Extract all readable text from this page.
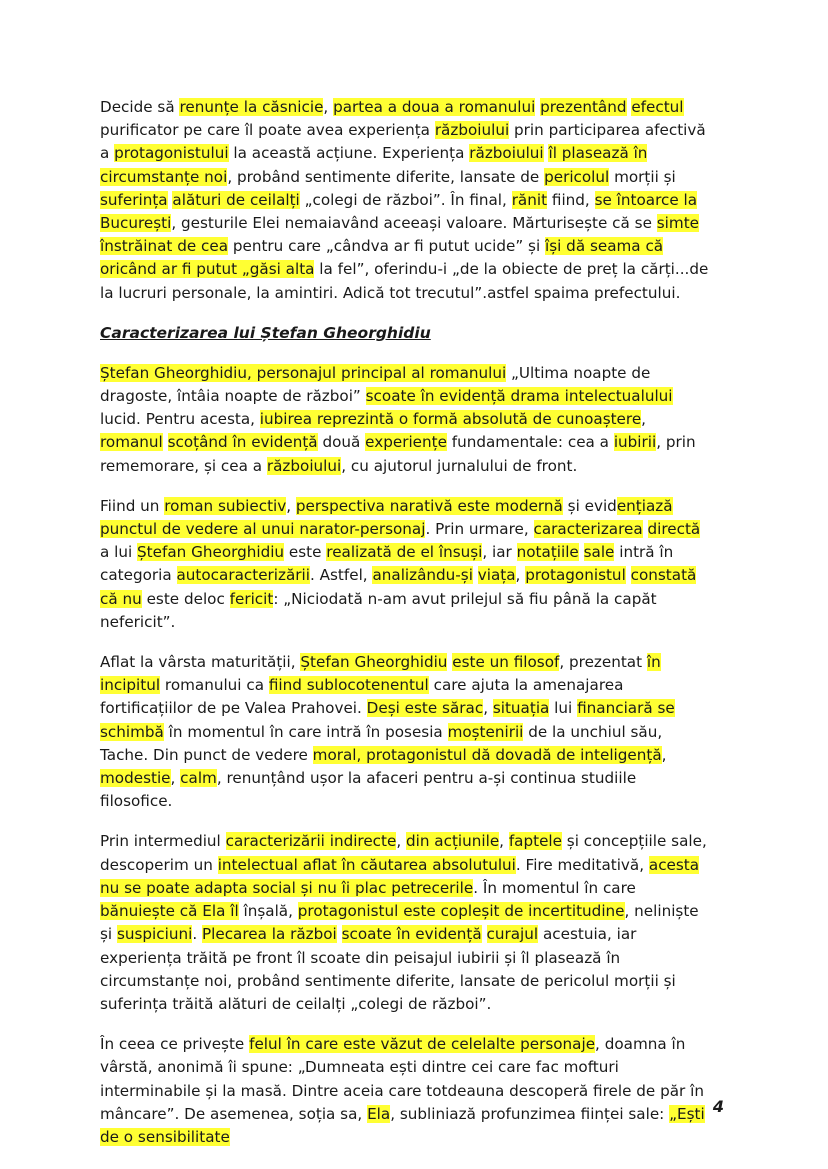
Decide să renunțe la căsnicie, partea a doua a romanului prezentând efectul purificator pe care îl poate avea experiența războiului prin participarea afectivă a protagonistului la această acțiune. Experiența războiului îl plasează în circumstanțe noi, probând sentimente diferite, lansate de pericolul morții și suferința alături de ceilalți „colegi de război”. În final, rănit fiind, se întoarce la București, gesturile Elei nemaiavând aceeași valoare. Mărturisește că se simte înstrăinat de cea pentru care „cândva ar fi putut ucide” și își dă seama că oricând ar fi putut „găsi alta la fel”, oferindu-i „de la obiecte de preț la cărți...de la lucruri personale, la amintiri. Adică tot trecutul”.astfel spaima prefectului.

Caracterizarea lui Ștefan Gheorghidiu

Ștefan Gheorghidiu, personajul principal al romanului „Ultima noapte de dragoste, întâia noapte de război” scoate în evidență drama intelectualului lucid. Pentru acesta, iubirea reprezintă o formă absolută de cunoaștere, romanul scoțând în evidență două experiențe fundamentale: cea a iubirii, prin rememorare, și cea a războiului, cu ajutorul jurnalului de front.

Fiind un roman subiectiv, perspectiva narativă este modernă și evidențiază punctul de vedere al unui narator-personaj. Prin urmare, caracterizarea directă a lui Ștefan Gheorghidiu este realizată de el însuși, iar notațiile sale intră în categoria autocaracterizării. Astfel, analizându-și viața, protagonistul constată că nu este deloc fericit: „Niciodată n-am avut prilejul să fiu până la capăt nefericit”.

Aflat la vârsta maturității, Ștefan Gheorghidiu este un filosof, prezentat în incipitul romanului ca fiind sublocotenentul care ajuta la amenajarea fortificațiilor de pe Valea Prahovei. Deși este sărac, situația lui financiară se schimbă în momentul în care intră în posesia moștenirii de la unchiul său, Tache. Din punct de vedere moral, protagonistul dă dovadă de inteligență, modestie, calm, renunțând ușor la afaceri pentru a-și continua studiile filosofice.

Prin intermediul caracterizării indirecte, din acțiunile, faptele și concepțiile sale, descoperim un intelectual aflat în căutarea absolutului. Fire meditativă, acesta nu se poate adapta social și nu îi plac petrecerile. În momentul în care bănuiește că Ela îl înșală, protagonistul este copleșit de incertitudine, neliniște și suspiciuni. Plecarea la război scoate în evidență curajul acestuia, iar experiența trăită pe front îl scoate din peisajul iubirii și îl plasează în circumstanțe noi, probând sentimente diferite, lansate de pericolul morții și suferința trăită alături de ceilalți „colegi de război”.

În ceea ce privește felul în care este văzut de celelalte personaje, doamna în vârstă, anonimă îi spune: „Dumneata ești dintre cei care fac mofturi interminabile și la masă. Dintre aceia care totdeauna descoperă firele de păr în mâncare”. De asemenea, soția sa, Ela, subliniază profunzimea ființei sale: „Ești de o sensibilitate

4
